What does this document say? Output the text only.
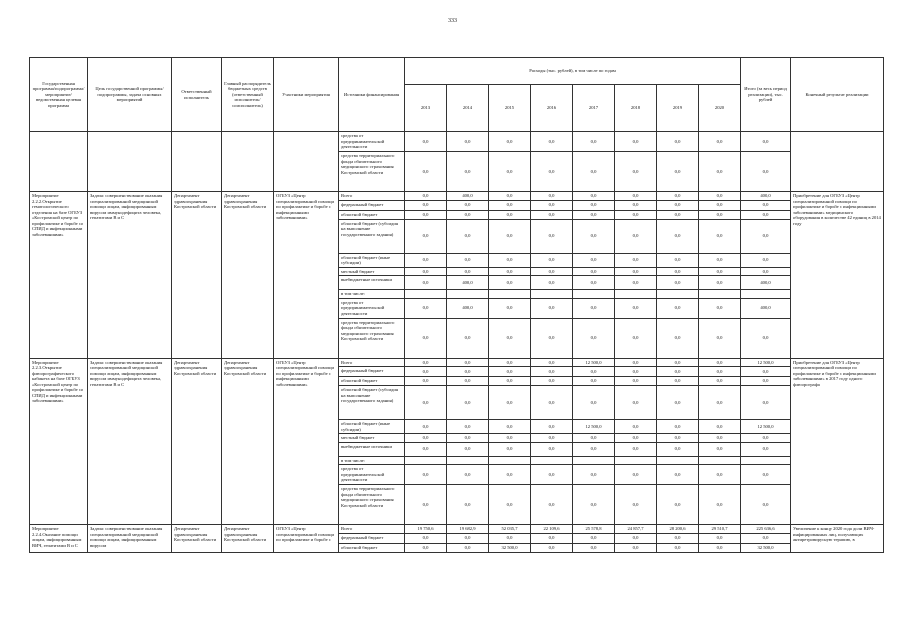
333
Государственная программа/подпрограмма/ мероприятие/ ведомственная целевая программа	Цель государственной программы/подпрограммы, задача основных мероприятий	Ответственный исполнитель	Главный распорядитель бюджетных средств (ответственный исполнитель/ соисполнитель)	Участники мероприятия	Источники финансирования	Расходы (тыс. рублей), в том числе по годам								Итого (за весь период реализации), тыс. рублей	Конечный результат реализации
						2013	2014	2015	2016	2017	2018	2019	2020		
					средства от предпринимательской деятельности	0,0	0,0	0,0	0,0	0,0	0,0	0,0	0,0	0,0	
					средства территориального фонда обязательного медицинского страхования Костромской области	0,0	0,0	0,0	0,0	0,0	0,0	0,0	0,0	0,0	
Мероприятие 2.2.2.Открытие гематологического отделения на базе ОГБУЗ «Костромской центр по профилактике и борьбе со СПИД и инфекционными заболеваниями»	Задача: совершенствование оказания специализированной медицинской помощи лицам, инфицированным вирусом иммунодефицита человека, гепатитами В и С	Департамент здравоохранения Костромской области	Департамент здравоохранения Костромской области	ОГБУЗ «Центр специализированной помощи по профилактике и борьбе с инфекционными заболеваниями»	Всего	0,0	400,0	0,0	0,0	0,0	0,0	0,0	0,0	400,0	Приобретение для ОГБУЗ «Центр специализированной помощи по профилактике и борьбе с инфекционными заболеваниями» медицинского оборудования в количестве 42 единиц в 2014 году
					федеральный бюджет	0,0	0,0	0,0	0,0	0,0	0,0	0,0	0,0	0,0	
					областной бюджет	0,0	0,0	0,0	0,0	0,0	0,0	0,0	0,0	0,0	
					областной бюджет (субсидия на выполнение государственного задания)	0,0	0,0	0,0	0,0	0,0	0,0	0,0	0,0	0,0	
					областной бюджет (иные субсидии)	0,0	0,0	0,0	0,0	0,0	0,0	0,0	0,0	0,0	
					местный бюджет	0,0	0,0	0,0	0,0	0,0	0,0	0,0	0,0	0,0	
					внебюджетные источники	0,0	400,0	0,0	0,0	0,0	0,0	0,0	0,0	400,0	
					в том числе:										
					средства от предпринимательской деятельности	0,0	400,0	0,0	0,0	0,0	0,0	0,0	0,0	400,0	
					средства территориального фонда обязательного медицинского страхования Костромской области	0,0	0,0	0,0	0,0	0,0	0,0	0,0	0,0	0,0	
Мероприятие 2.2.3.Открытие флюорографического кабинета на базе ОГБУЗ «Костромской центр по профилактике и борьбе со СПИД и инфекционными заболеваниями»	Задача: совершенствование оказания специализированной медицинской помощи лицам, инфицированным вирусом иммунодефицита человека, гепатитами В и С	Департамент здравоохранения Костромской области	Департамент здравоохранения Костромской области	ОГБУЗ «Центр специализированной помощи по профилактике и борьбе с инфекционными заболеваниями»	Всего	0,0	0,0	0,0	0,0	12 500,0	0,0	0,0	0,0	12 500,0	Приобретение для ОГБУЗ «Центр специализированной помощи по профилактике и борьбе с инфекционными заболеваниями» в 2017 году одного флюорографа
					федеральный бюджет	0,0	0,0	0,0	0,0	0,0	0,0	0,0	0,0	0,0	
					областной бюджет	0,0	0,0	0,0	0,0	0,0	0,0	0,0	0,0	0,0	
					областной бюджет (субсидия на выполнение государственного задания)	0,0	0,0	0,0	0,0	0,0	0,0	0,0	0,0	0,0	
					областной бюджет (иные субсидии)	0,0	0,0	0,0	0,0	12 500,0	0,0	0,0	0,0	12 500,0	
					местный бюджет	0,0	0,0	0,0	0,0	0,0	0,0	0,0	0,0	0,0	
					внебюджетные источники	0,0	0,0	0,0	0,0	0,0	0,0	0,0	0,0	0,0	
					в том числе:										
					средства от предпринимательской деятельности	0,0	0,0	0,0	0,0	0,0	0,0	0,0	0,0	0,0	
					средства территориального фонда обязательного медицинского страхования Костромской области	0,0	0,0	0,0	0,0	0,0	0,0	0,0	0,0	0,0	
Мероприятие 2.2.4.Оказание помощи лицам, инфицированным ВИЧ, гепатитами В и С	Задача: совершенствование оказания специализированной медицинской помощи лицам, инфицированным вирусом	Департамент здравоохранения Костромской области	Департамент здравоохранения Костромской области	ОГБУЗ «Центр специализированной помощи по профилактике и борьбе с	Всего	19 750,6	19 682,9	52 035,7	22 109,6	25 578,8	24 857,7	28 200,6	29 510,7	225 636,6	Увеличение к концу 2020 года доли ВИЧ-инфицированных лиц, получающих антиретровирусную терапию, в
					федеральный бюджет	0,0	0,0	0,0	0,0	0,0	0,0	0,0	0,0	0,0	
					областной бюджет	0,0	0,0	32 500,0	0,0	0,0	0,0	0,0	0,0	32 500,0	
